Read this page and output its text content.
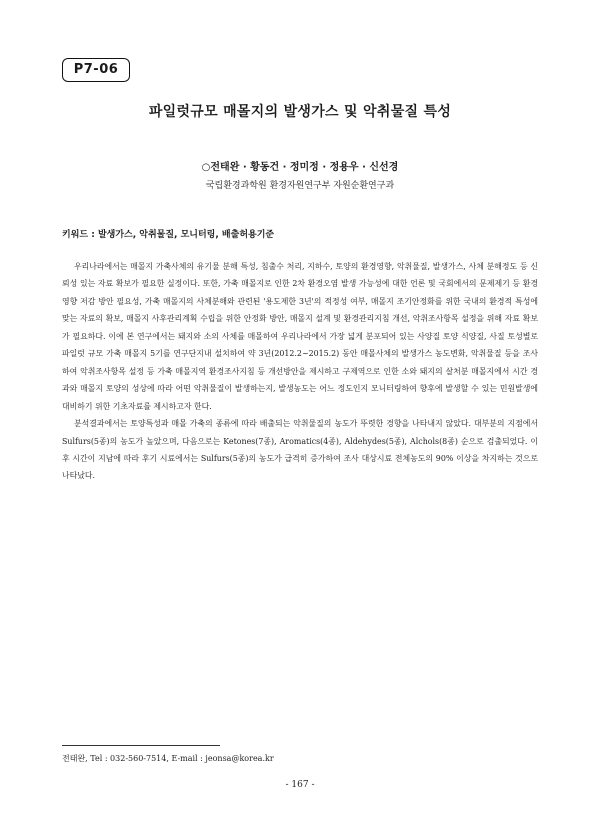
P7-06
파일럿규모 매몰지의 발생가스 및 악취물질 특성
○전태완 · 황동건 · 정미정 · 정용우 · 신선경
국립환경과학원 환경자원연구부 자원순환연구과
키워드 : 발생가스, 악취물질, 모니터링, 배출허용기준

우리나라에서는 매몰지 가축사체의 유기물 분해 특성, 침출수 처리, 지하수, 토양의 환경영향, 악취물질, 발생가스, 사체 분해정도 등 신뢰성 있는 자료 확보가 필요한 실정이다. 또한, 가축 매몰지로 인한 2차 환경오염 발생 가능성에 대한 언론 및 국회에서의 문제제기 등 환경영향 저감 방안 필요성, 가축 매몰지의 사체분해와 관련된 '용도제한 3년'의 적정성 여부, 매몰지 조기안정화를 위한 국내의 환경적 특성에 맞는 자료의 확보, 매몰지 사후관리계획 수립을 위한 안정화 방안, 매몰지 설계 및 환경관리지침 개선, 악취조사항목 설정을 위해 자료 확보가 필요하다. 이에 본 연구에서는 돼지와 소의 사체를 매몰하여 우리나라에서 가장 넓게 분포되어 있는 사양질 토양 식양질, 사질 토성별로 파일럿 규모 가축 매몰지 5기를 연구단지내 설치하여 약 3년(2012.2~2015.2) 동안 매몰사체의 발생가스 농도변화, 악취물질 등을 조사하여 악취조사항목 설정 등 가축 매몰지역 환경조사지침 등 개선방안을 제시하고 구제역으로 인한 소와 돼지의 살처분 매몰지에서 시간 경과와 매몰지 토양의 성상에 따라 어떤 악취물질이 발생하는지, 발생농도는 어느 정도인지 모니터링하여 향후에 발생할 수 있는 민원발생에 대비하기 위한 기초자료를 제시하고자 한다.

분석결과에서는 토양특성과 매몰 가축의 종류에 따라 배출되는 악취물질의 농도가 뚜렷한 경향을 나타내지 않았다. 대부분의 지점에서 Sulfurs(5종)의 농도가 높았으며, 다음으로는 Ketones(7종), Aromatics(4종), Aldehydes(5종), Alchols(8종) 순으로 검출되었다. 이후 시간이 지남에 따라 후기 시료에서는 Sulfurs(5종)의 농도가 급격히 증가하여 조사 대상시료 전체농도의 90% 이상을 차지하는 것으로 나타났다.

전태완, Tel : 032-560-7514, E-mail : jeonsa@korea.kr
- 167 -
